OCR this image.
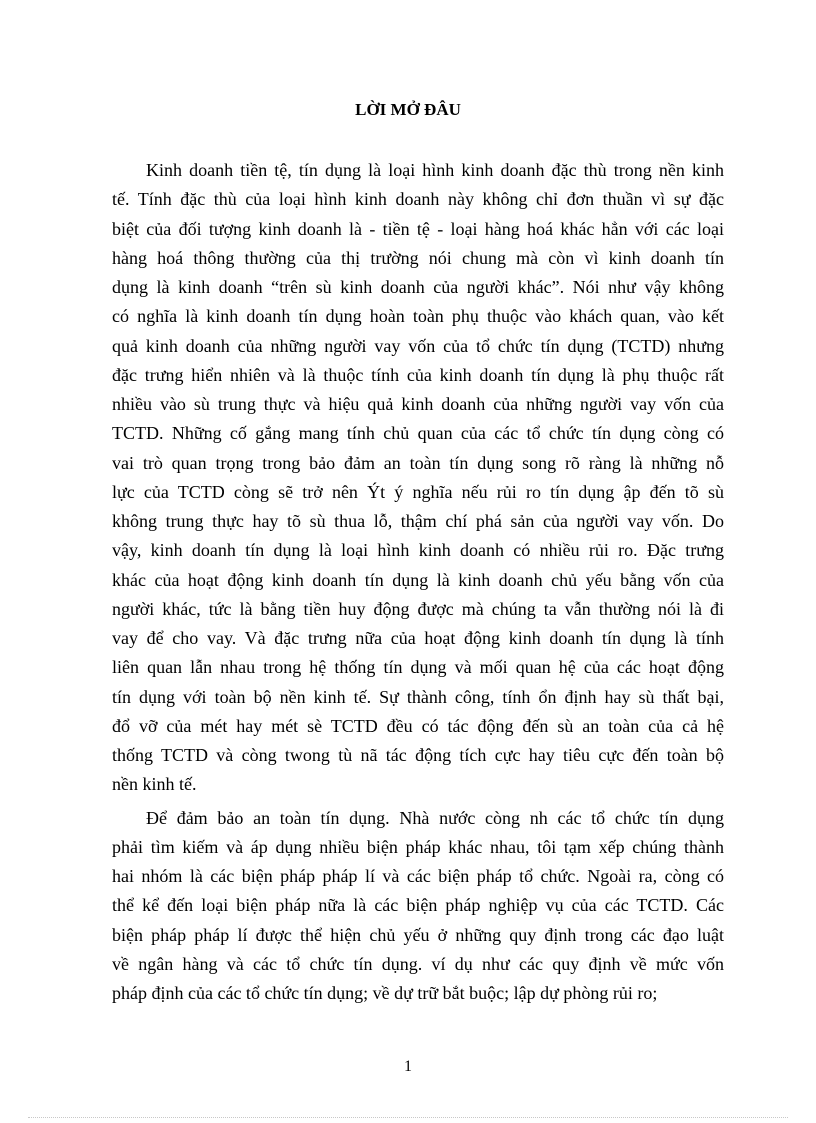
LỜI MỞ ĐÂU

Kinh doanh tiền tệ, tín dụng là loại hình kinh doanh đặc thù trong nền kinh
tế. Tính đặc thù của loại hình kinh doanh này không chỉ đơn thuần vì sự đặc
biệt của đối tượng kinh doanh là - tiền tệ - loại hàng hoá khác hẳn với các loại
hàng hoá thông thường của thị trường nói chung mà còn vì kinh doanh tín
dụng là kinh doanh “trên sù kinh doanh của người khác”. Nói như vậy không
có nghĩa là kinh doanh tín dụng hoàn toàn phụ thuộc vào khách quan, vào kết
quả kinh doanh của những người vay vốn của tổ chức tín dụng (TCTD) nhưng
đặc trưng hiển nhiên và là thuộc tính của kinh doanh tín dụng là phụ thuộc rất
nhiều vào sù trung thực và hiệu quả kinh doanh của những người vay vốn của
TCTD. Những cố gắng mang tính chủ quan của các tổ chức tín dụng còng có
vai trò quan trọng trong bảo đảm an toàn tín dụng song rõ ràng là những nỗ
lực của TCTD còng sẽ trở nên Ýt ý nghĩa nếu rủi ro tín dụng ập đến tõ sù
không trung thực hay tõ sù thua lỗ, thậm chí phá sản của người vay vốn. Do
vậy, kinh doanh tín dụng là loại hình kinh doanh có nhiều rủi ro. Đặc trưng
khác của hoạt động kinh doanh tín dụng là kinh doanh chủ yếu bằng vốn của
người khác, tức là bằng tiền huy động được mà chúng ta vẫn thường nói là đi
vay để cho vay. Và đặc trưng nữa của hoạt động kinh doanh tín dụng là tính
liên quan lẫn nhau trong hệ thống tín dụng và mối quan hệ của các hoạt động
tín dụng với toàn bộ nền kinh tế. Sự thành công, tính ổn định hay sù thất bại,
đổ vỡ của mét hay mét sè TCTD đều có tác động đến sù an toàn của cả hệ
thống TCTD và còng twong tù nã tác động tích cực hay tiêu cực đến toàn bộ
nền kinh tế.

Để đảm bảo an toàn tín dụng. Nhà nước còng nh các tổ chức tín dụng
phải tìm kiếm và áp dụng nhiều biện pháp khác nhau, tôi tạm xếp chúng thành
hai nhóm là các biện pháp pháp lí và các biện pháp tổ chức. Ngoài ra, còng có
thể kể đến loại biện pháp nữa là các biện pháp nghiệp vụ của các TCTD. Các
biện pháp pháp lí được thể hiện chủ yếu ở những quy định trong các đạo luật
về ngân hàng và các tổ chức tín dụng. ví dụ như các quy định về mức vốn
pháp định của các tổ chức tín dụng; về dự trữ bắt buộc; lập dự phòng rủi ro;

1
